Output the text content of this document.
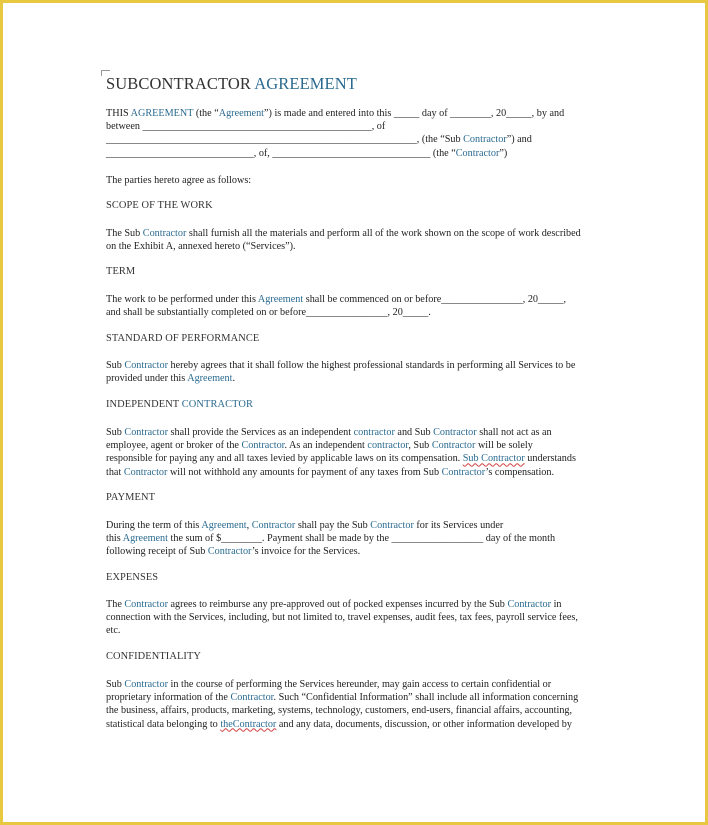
SUBCONTRACTOR AGREEMENT
THIS AGREEMENT (the “Agreement”) is made and entered into this _____ day of ________, 20_____, by and
between _____________________________________________, of
_____________________________________________________________, (the “Sub Contractor”) and
_____________________________, of, _______________________________ (the “Contractor”)
The parties hereto agree as follows:
SCOPE OF THE WORK
The Sub Contractor shall furnish all the materials and perform all of the work shown on the scope of work described
on the Exhibit A, annexed hereto (“Services”).
TERM
The work to be performed under this Agreement shall be commenced on or before________________, 20_____,
and shall be substantially completed on or before________________, 20_____.
STANDARD OF PERFORMANCE
Sub Contractor hereby agrees that it shall follow the highest professional standards in performing all Services to be
provided under this Agreement.
INDEPENDENT CONTRACTOR
Sub Contractor shall provide the Services as an independent contractor and Sub Contractor shall not act as an
employee, agent or broker of the Contractor. As an independent contractor, Sub Contractor will be solely
responsible for paying any and all taxes levied by applicable laws on its compensation. Sub Contractor understands
that Contractor will not withhold any amounts for payment of any taxes from Sub Contractor’s compensation.
PAYMENT
During the term of this Agreement, Contractor shall pay the Sub Contractor for its Services under
this Agreement the sum of $________. Payment shall be made by the __________________ day of the month
following receipt of Sub Contractor’s invoice for the Services.
EXPENSES
The Contractor agrees to reimburse any pre-approved out of pocked expenses incurred by the Sub Contractor in
connection with the Services, including, but not limited to, travel expenses, audit fees, tax fees, payroll service fees,
etc.
CONFIDENTIALITY
Sub Contractor in the course of performing the Services hereunder, may gain access to certain confidential or
proprietary information of the Contractor. Such “Confidential Information” shall include all information concerning
the business, affairs, products, marketing, systems, technology, customers, end-users, financial affairs, accounting,
statistical data belonging to theContractor and any data, documents, discussion, or other information developed by
